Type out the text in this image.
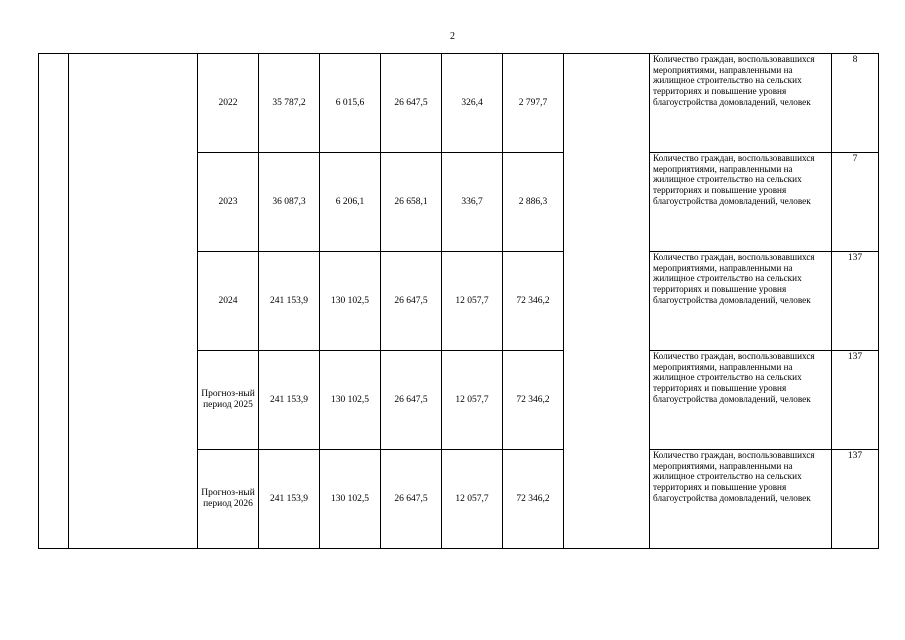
2
		2022	35 787,2	6 015,6	26 647,5	326,4	2 797,7		Количество граждан, воспользовавшихся мероприятиями, направленными на жилищное строительство на сельских территориях и повышение уровня благоустройства домовладений, человек	8
		2023	36 087,3	6 206,1	26 658,1	336,7	2 886,3		Количество граждан, воспользовавшихся мероприятиями, направленными на жилищное строительство на сельских территориях и повышение уровня благоустройства домовладений, человек	7
		2024	241 153,9	130 102,5	26 647,5	12 057,7	72 346,2		Количество граждан, воспользовавшихся мероприятиями, направленными на жилищное строительство на сельских территориях и повышение уровня благоустройства домовладений, человек	137
		Прогноз-ный период 2025	241 153,9	130 102,5	26 647,5	12 057,7	72 346,2		Количество граждан, воспользовавшихся мероприятиями, направленными на жилищное строительство на сельских территориях и повышение уровня благоустройства домовладений, человек	137
		Прогноз-ный период 2026	241 153,9	130 102,5	26 647,5	12 057,7	72 346,2		Количество граждан, воспользовавшихся мероприятиями, направленными на жилищное строительство на сельских территориях и повышение уровня благоустройства домовладений, человек	137
